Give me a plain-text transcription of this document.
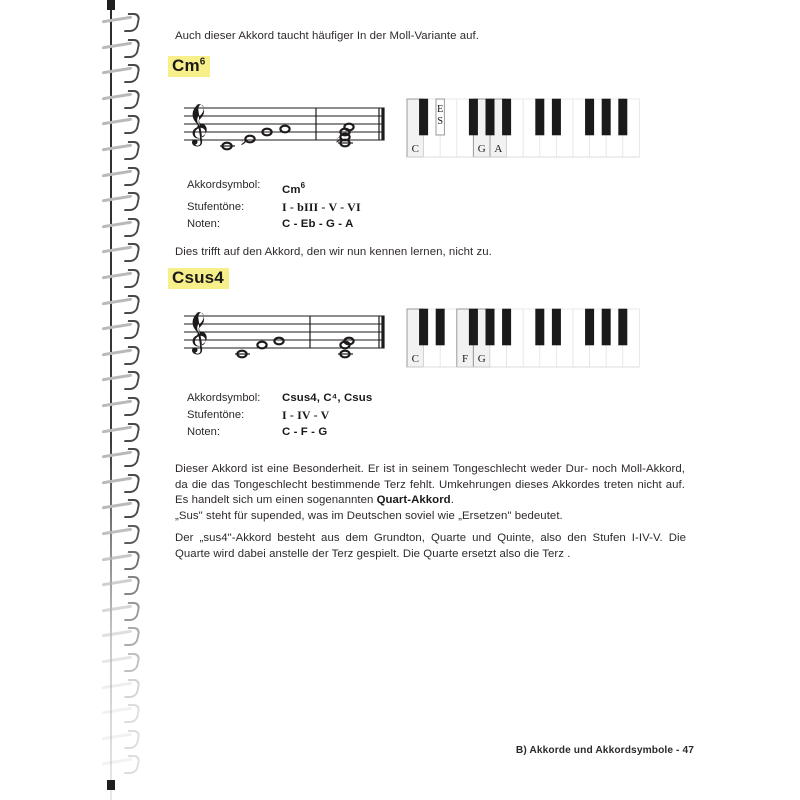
Auch dieser Akkord taucht häufiger In der Moll-Variante auf.
Cm$^6$
C	G A
E
S
Akkordsymbol:	Cm$^6$
Stufentöne:	I - bIII - V - VI
Noten:	C - Eb - G - A
Dies trifft auf den Akkord, den wir nun kennen lernen, nicht zu.
Csus4
C	F G
Akkordsymbol:	Csus4, C⁴, Csus
Stufentöne:	I - IV - V
Noten:	C - F - G
Dieser Akkord ist eine Besonderheit. Er ist in seinem Tongeschlecht weder Dur- noch Moll-Akkord, da die das Tongeschlecht bestimmende Terz fehlt. Umkehrungen dieses Akkordes treten nicht auf. Es handelt sich um einen sogenannten Quart-Akkord.
„Sus" steht für supended, was im Deutschen soviel wie „Ersetzen" bedeutet.
Der „sus4"-Akkord besteht aus dem Grundton, Quarte und Quinte, also den Stufen I-IV-V. Die Quarte wird dabei anstelle der Terz gespielt. Die Quarte ersetzt also die Terz .
B) Akkorde und Akkordsymbole - 47
